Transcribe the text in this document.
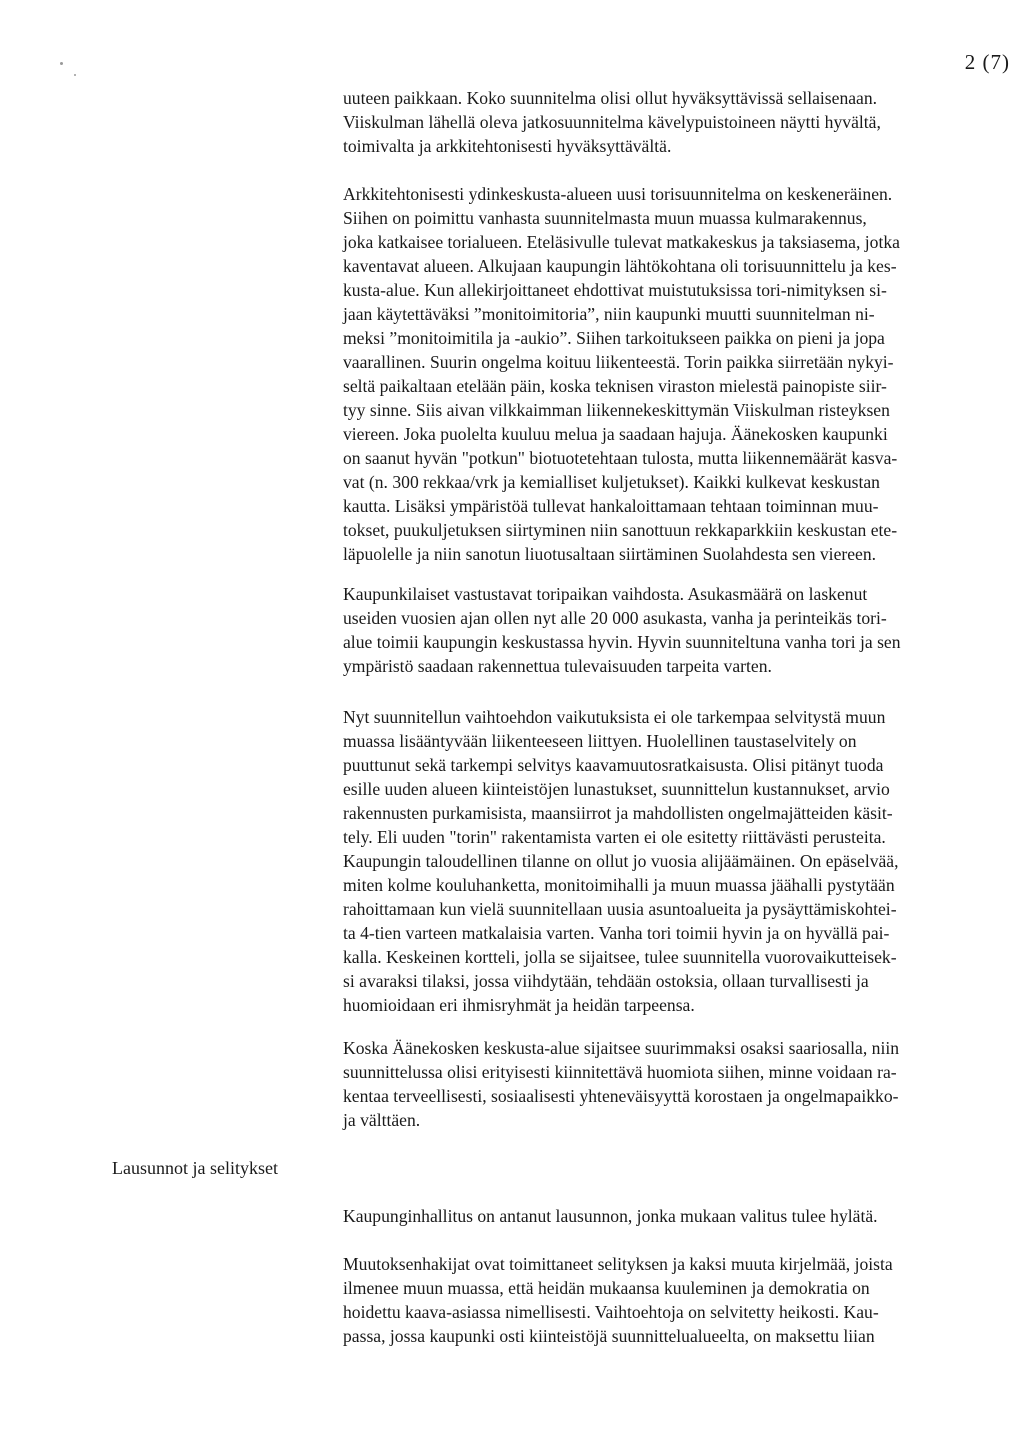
2 (7)

uuteen paikkaan. Koko suunnitelma olisi ollut hyväksyttävissä sellaisenaan.
Viiskulman lähellä oleva jatkosuunnitelma kävelypuistoineen näytti hyvältä,
toimivalta ja arkkitehtonisesti hyväksyttävältä.

Arkkitehtonisesti ydinkeskusta-alueen uusi torisuunnitelma on keskeneräinen.
Siihen on poimittu vanhasta suunnitelmasta muun muassa kulmarakennus,
joka katkaisee torialueen. Eteläsivulle tulevat matkakeskus ja taksiasema, jotka
kaventavat alueen. Alkujaan kaupungin lähtökohtana oli torisuunnittelu ja kes-
kusta-alue. Kun allekirjoittaneet ehdottivat muistutuksissa tori-nimityksen si-
jaan käytettäväksi ”monitoimitoria”, niin kaupunki muutti suunnitelman ni-
meksi ”monitoimitila ja -aukio”. Siihen tarkoitukseen paikka on pieni ja jopa
vaarallinen. Suurin ongelma koituu liikenteestä. Torin paikka siirretään nykyi-
seltä paikaltaan etelään päin, koska teknisen viraston mielestä painopiste siir-
tyy sinne. Siis aivan vilkkaimman liikennekeskittymän Viiskulman risteyksen
viereen. Joka puolelta kuuluu melua ja saadaan hajuja. Äänekosken kaupunki
on saanut hyvän "potkun" biotuotetehtaan tulosta, mutta liikennemäärät kasva-
vat (n. 300 rekkaa/vrk ja kemialliset kuljetukset). Kaikki kulkevat keskustan
kautta. Lisäksi ympäristöä tullevat hankaloittamaan tehtaan toiminnan muu-
tokset, puukuljetuksen siirtyminen niin sanottuun rekkaparkkiin keskustan ete-
läpuolelle ja niin sanotun liuotusaltaan siirtäminen Suolahdesta sen viereen.

Kaupunkilaiset vastustavat toripaikan vaihdosta. Asukasmäärä on laskenut
useiden vuosien ajan ollen nyt alle 20 000 asukasta, vanha ja perinteikäs tori-
alue toimii kaupungin keskustassa hyvin. Hyvin suunniteltuna vanha tori ja sen
ympäristö saadaan rakennettua tulevaisuuden tarpeita varten.

Nyt suunnitellun vaihtoehdon vaikutuksista ei ole tarkempaa selvitystä muun
muassa lisääntyvään liikenteeseen liittyen. Huolellinen taustaselvitely on
puuttunut sekä tarkempi selvitys kaavamuutosratkaisusta. Olisi pitänyt tuoda
esille uuden alueen kiinteistöjen lunastukset, suunnittelun kustannukset, arvio
rakennusten purkamisista, maansiirrot ja mahdollisten ongelmajätteiden käsit-
tely. Eli uuden "torin" rakentamista varten ei ole esitetty riittävästi perusteita.
Kaupungin taloudellinen tilanne on ollut jo vuosia alijäämäinen. On epäselvää,
miten kolme kouluhanketta, monitoimihalli ja muun muassa jäähalli pystytään
rahoittamaan kun vielä suunnitellaan uusia asuntoalueita ja pysäyttämiskohtei-
ta 4-tien varteen matkalaisia varten. Vanha tori toimii hyvin ja on hyvällä pai-
kalla. Keskeinen kortteli, jolla se sijaitsee, tulee suunnitella vuorovaikutteisek-
si avaraksi tilaksi, jossa viihdytään, tehdään ostoksia, ollaan turvallisesti ja
huomioidaan eri ihmisryhmät ja heidän tarpeensa.

Koska Äänekosken keskusta-alue sijaitsee suurimmaksi osaksi saariosalla, niin
suunnittelussa olisi erityisesti kiinnitettävä huomiota siihen, minne voidaan ra-
kentaa terveellisesti, sosiaalisesti yhteneväisyyttä korostaen ja ongelmapaikko-
ja välttäen.

Lausunnot ja selitykset

Kaupunginhallitus on antanut lausunnon, jonka mukaan valitus tulee hylätä.

Muutoksenhakijat ovat toimittaneet selityksen ja kaksi muuta kirjelmää, joista
ilmenee muun muassa, että heidän mukaansa kuuleminen ja demokratia on
hoidettu kaava-asiassa nimellisesti. Vaihtoehtoja on selvitetty heikosti. Kau-
passa, jossa kaupunki osti kiinteistöjä suunnittelualueelta, on maksettu liian
